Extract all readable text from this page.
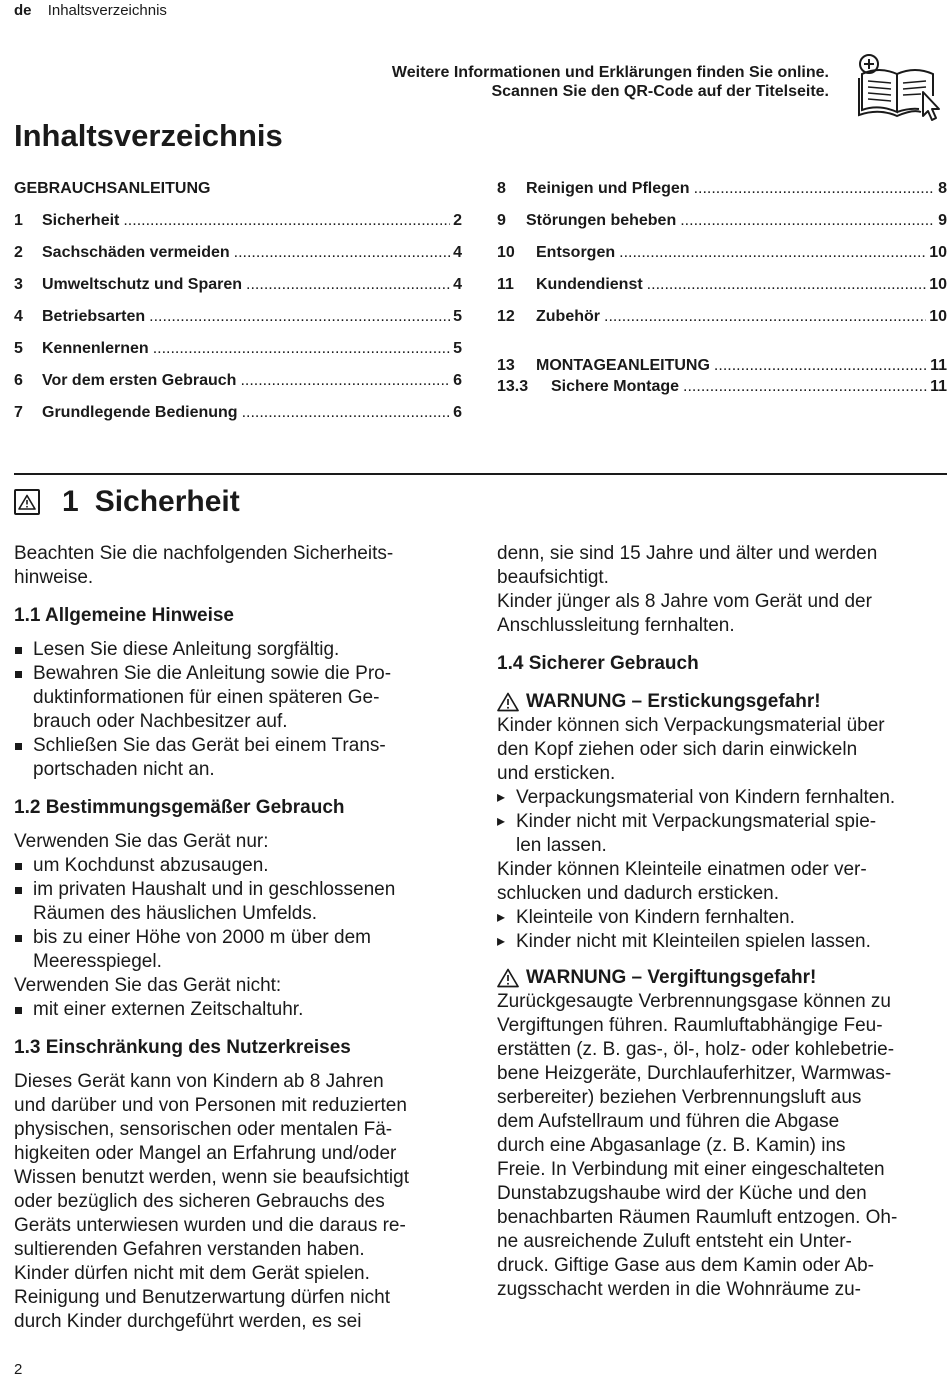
de Inhaltsverzeichnis
Weitere Informationen und Erklärungen finden Sie online.
Scannen Sie den QR-Code auf der Titelseite.
Inhaltsverzeichnis
GEBRAUCHSANLEITUNG
1	Sicherheit .....	2
2	Sachschäden vermeiden .....	4
3	Umweltschutz und Sparen .....	4
4	Betriebsarten .....	5
5	Kennenlernen .....	5
6	Vor dem ersten Gebrauch .....	6
7	Grundlegende Bedienung .....	6
8	Reinigen und Pflegen .....	8
9	Störungen beheben .....	9
10	Entsorgen .....	10
11	Kundendienst .....	10
12	Zubehör .....	10
13	MONTAGEANLEITUNG .....	11
13.3	Sichere Montage .....	11
1 Sicherheit

Beachten Sie die nachfolgenden Sicherheits-
hinweise.

1.1 Allgemeine Hinweise
Lesen Sie diese Anleitung sorgfältig.
Bewahren Sie die Anleitung sowie die Pro-
duktinformationen für einen späteren Ge-
brauch oder Nachbesitzer auf.
Schließen Sie das Gerät bei einem Trans-
portschaden nicht an.
1.2 Bestimmungsgemäßer Gebrauch

Verwenden Sie das Gerät nur:

um Kochdunst abzusaugen.
im privaten Haushalt und in geschlossenen
Räumen des häuslichen Umfelds.
bis zu einer Höhe von 2000 m über dem
Meeresspiegel.

Verwenden Sie das Gerät nicht:

mit einer externen Zeitschaltuhr.
1.3 Einschränkung des Nutzerkreises

Dieses Gerät kann von Kindern ab 8 Jahren
und darüber und von Personen mit reduzierten
physischen, sensorischen oder mentalen Fä-
higkeiten oder Mangel an Erfahrung und/oder
Wissen benutzt werden, wenn sie beaufsichtigt
oder bezüglich des sicheren Gebrauchs des
Geräts unterwiesen wurden und die daraus re-
sultierenden Gefahren verstanden haben.
Kinder dürfen nicht mit dem Gerät spielen.
Reinigung und Benutzerwartung dürfen nicht
durch Kinder durchgeführt werden, es sei

denn, sie sind 15 Jahre und älter und werden
beaufsichtigt.
Kinder jünger als 8 Jahre vom Gerät und der
Anschlussleitung fernhalten.

1.4 Sicherer Gebrauch
WARNUNG – Erstickungsgefahr!

Kinder können sich Verpackungsmaterial über
den Kopf ziehen oder sich darin einwickeln
und ersticken.

▸ Verpackungsmaterial von Kindern fernhalten.
▸ Kinder nicht mit Verpackungsmaterial spie-
len lassen.

Kinder können Kleinteile einatmen oder ver-
schlucken und dadurch ersticken.

▸ Kleinteile von Kindern fernhalten.
▸ Kinder nicht mit Kleinteilen spielen lassen.
WARNUNG – Vergiftungsgefahr!

Zurückgesaugte Verbrennungsgase können zu
Vergiftungen führen. Raumluftabhängige Feu-
erstätten (z. B. gas-, öl-, holz- oder kohlebetrie-
bene Heizgeräte, Durchlauferhitzer, Warmwas-
serbereiter) beziehen Verbrennungsluft aus
dem Aufstellraum und führen die Abgase
durch eine Abgasanlage (z. B. Kamin) ins
Freie. In Verbindung mit einer eingeschalteten
Dunstabzugshaube wird der Küche und den
benachbarten Räumen Raumluft entzogen. Oh-
ne ausreichende Zuluft entsteht ein Unter-
druck. Giftige Gase aus dem Kamin oder Ab-
zugsschacht werden in die Wohnräume zu-

2
